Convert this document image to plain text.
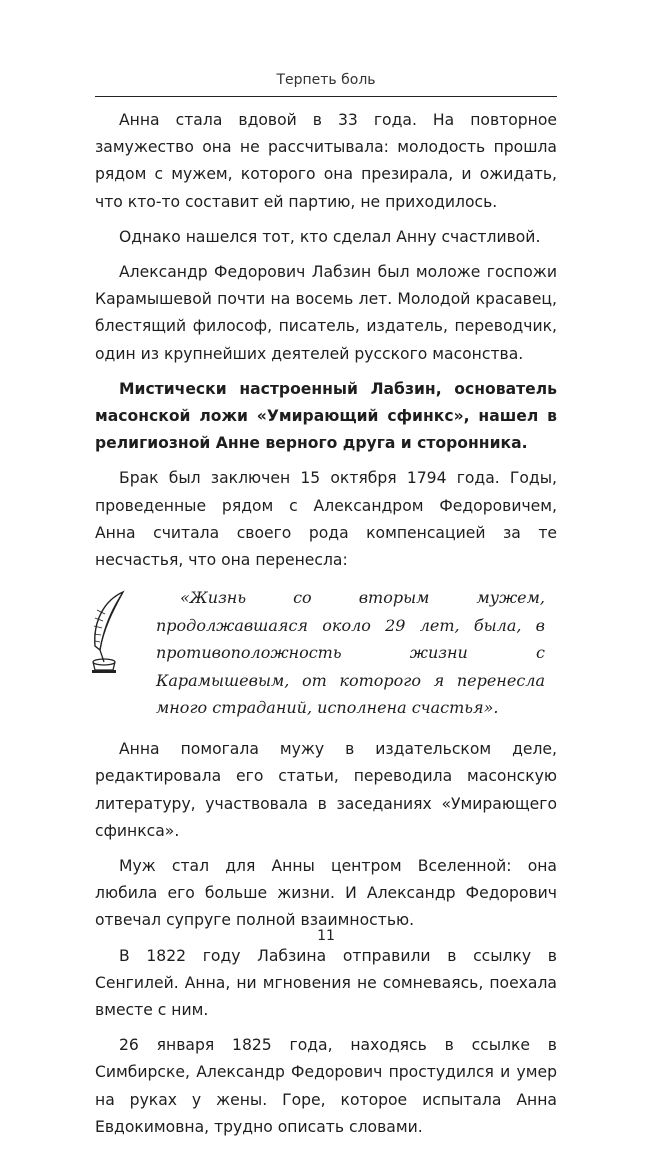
Терпеть боль

Анна стала вдовой в 33 года. На повторное замужество она не рассчитывала: молодость прошла рядом с мужем, которого она презирала, и ожидать, что кто-то составит ей партию, не приходилось.

Однако нашелся тот, кто сделал Анну счастливой.

Александр Федорович Лабзин был моложе госпожи Карамышевой почти на восемь лет. Молодой красавец, блестящий философ, писатель, издатель, переводчик, один из крупнейших деятелей русского масонства.

Мистически настроенный Лабзин, основатель масонской ложи «Умирающий сфинкс», нашел в религиозной Анне верного друга и сторонника.

Брак был заключен 15 октября 1794 года. Годы, проведенные рядом с Александром Федоровичем, Анна считала своего рода компенсацией за те несчастья, что она перенесла:

«Жизнь со вторым мужем, продолжавшаяся около 29 лет, была, в противоположность жизни с Карамышевым, от которого я перенесла много страданий, исполнена счастья».

Анна помогала мужу в издательском деле, редактировала его статьи, переводила масонскую литературу, участвовала в заседаниях «Умирающего сфинкса».

Муж стал для Анны центром Вселенной: она любила его больше жизни. И Александр Федорович отвечал супруге полной взаимностью.

В 1822 году Лабзина отправили в ссылку в Сенгилей. Анна, ни мгновения не сомневаясь, поехала вместе с ним.

26 января 1825 года, находясь в ссылке в Симбирске, Александр Федорович простудился и умер на руках у жены. Горе, которое испытала Анна Евдокимовна, трудно описать словами.

11
